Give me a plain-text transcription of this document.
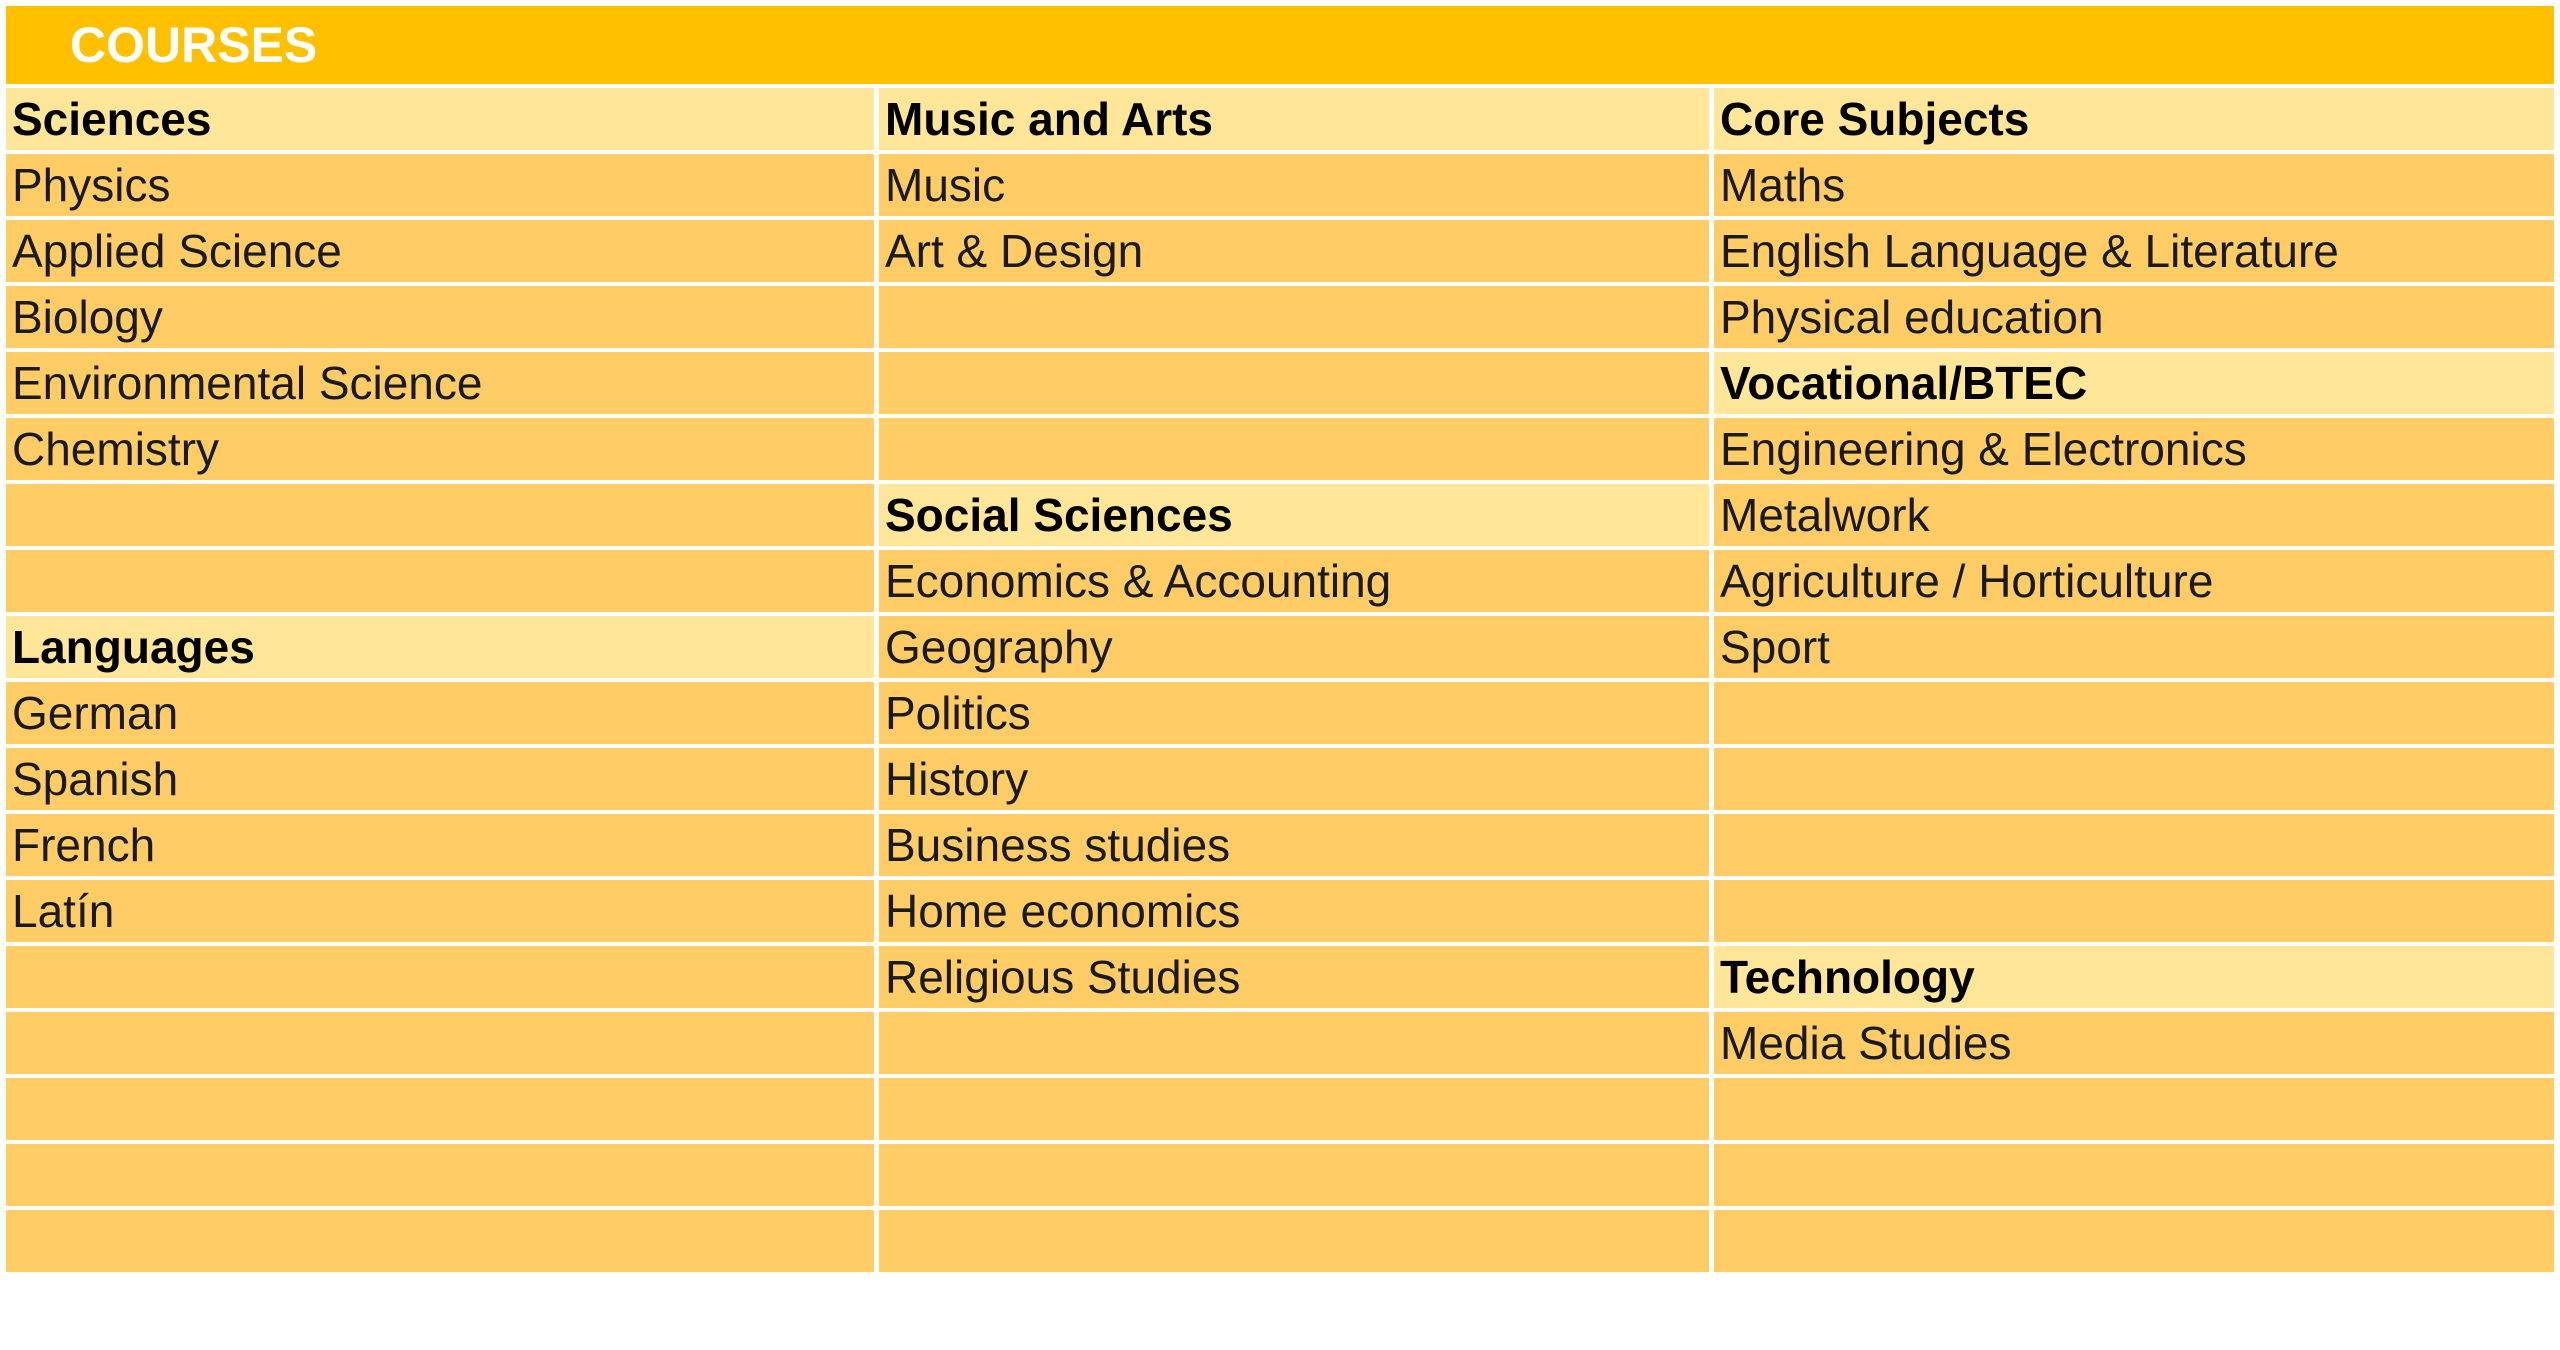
COURSES
Sciences	Music and Arts	Core Subjects
Physics	Music	Maths
Applied Science	Art & Design	English Language & Literature
Biology		Physical education
Environmental Science		Vocational/BTEC
Chemistry		Engineering & Electronics
	Social Sciences	Metalwork
	Economics & Accounting	Agriculture / Horticulture
Languages	Geography	Sport
German	Politics	
Spanish	History	
French	Business studies	
Latín	Home economics	
	Religious Studies	Technology
		Media Studies
